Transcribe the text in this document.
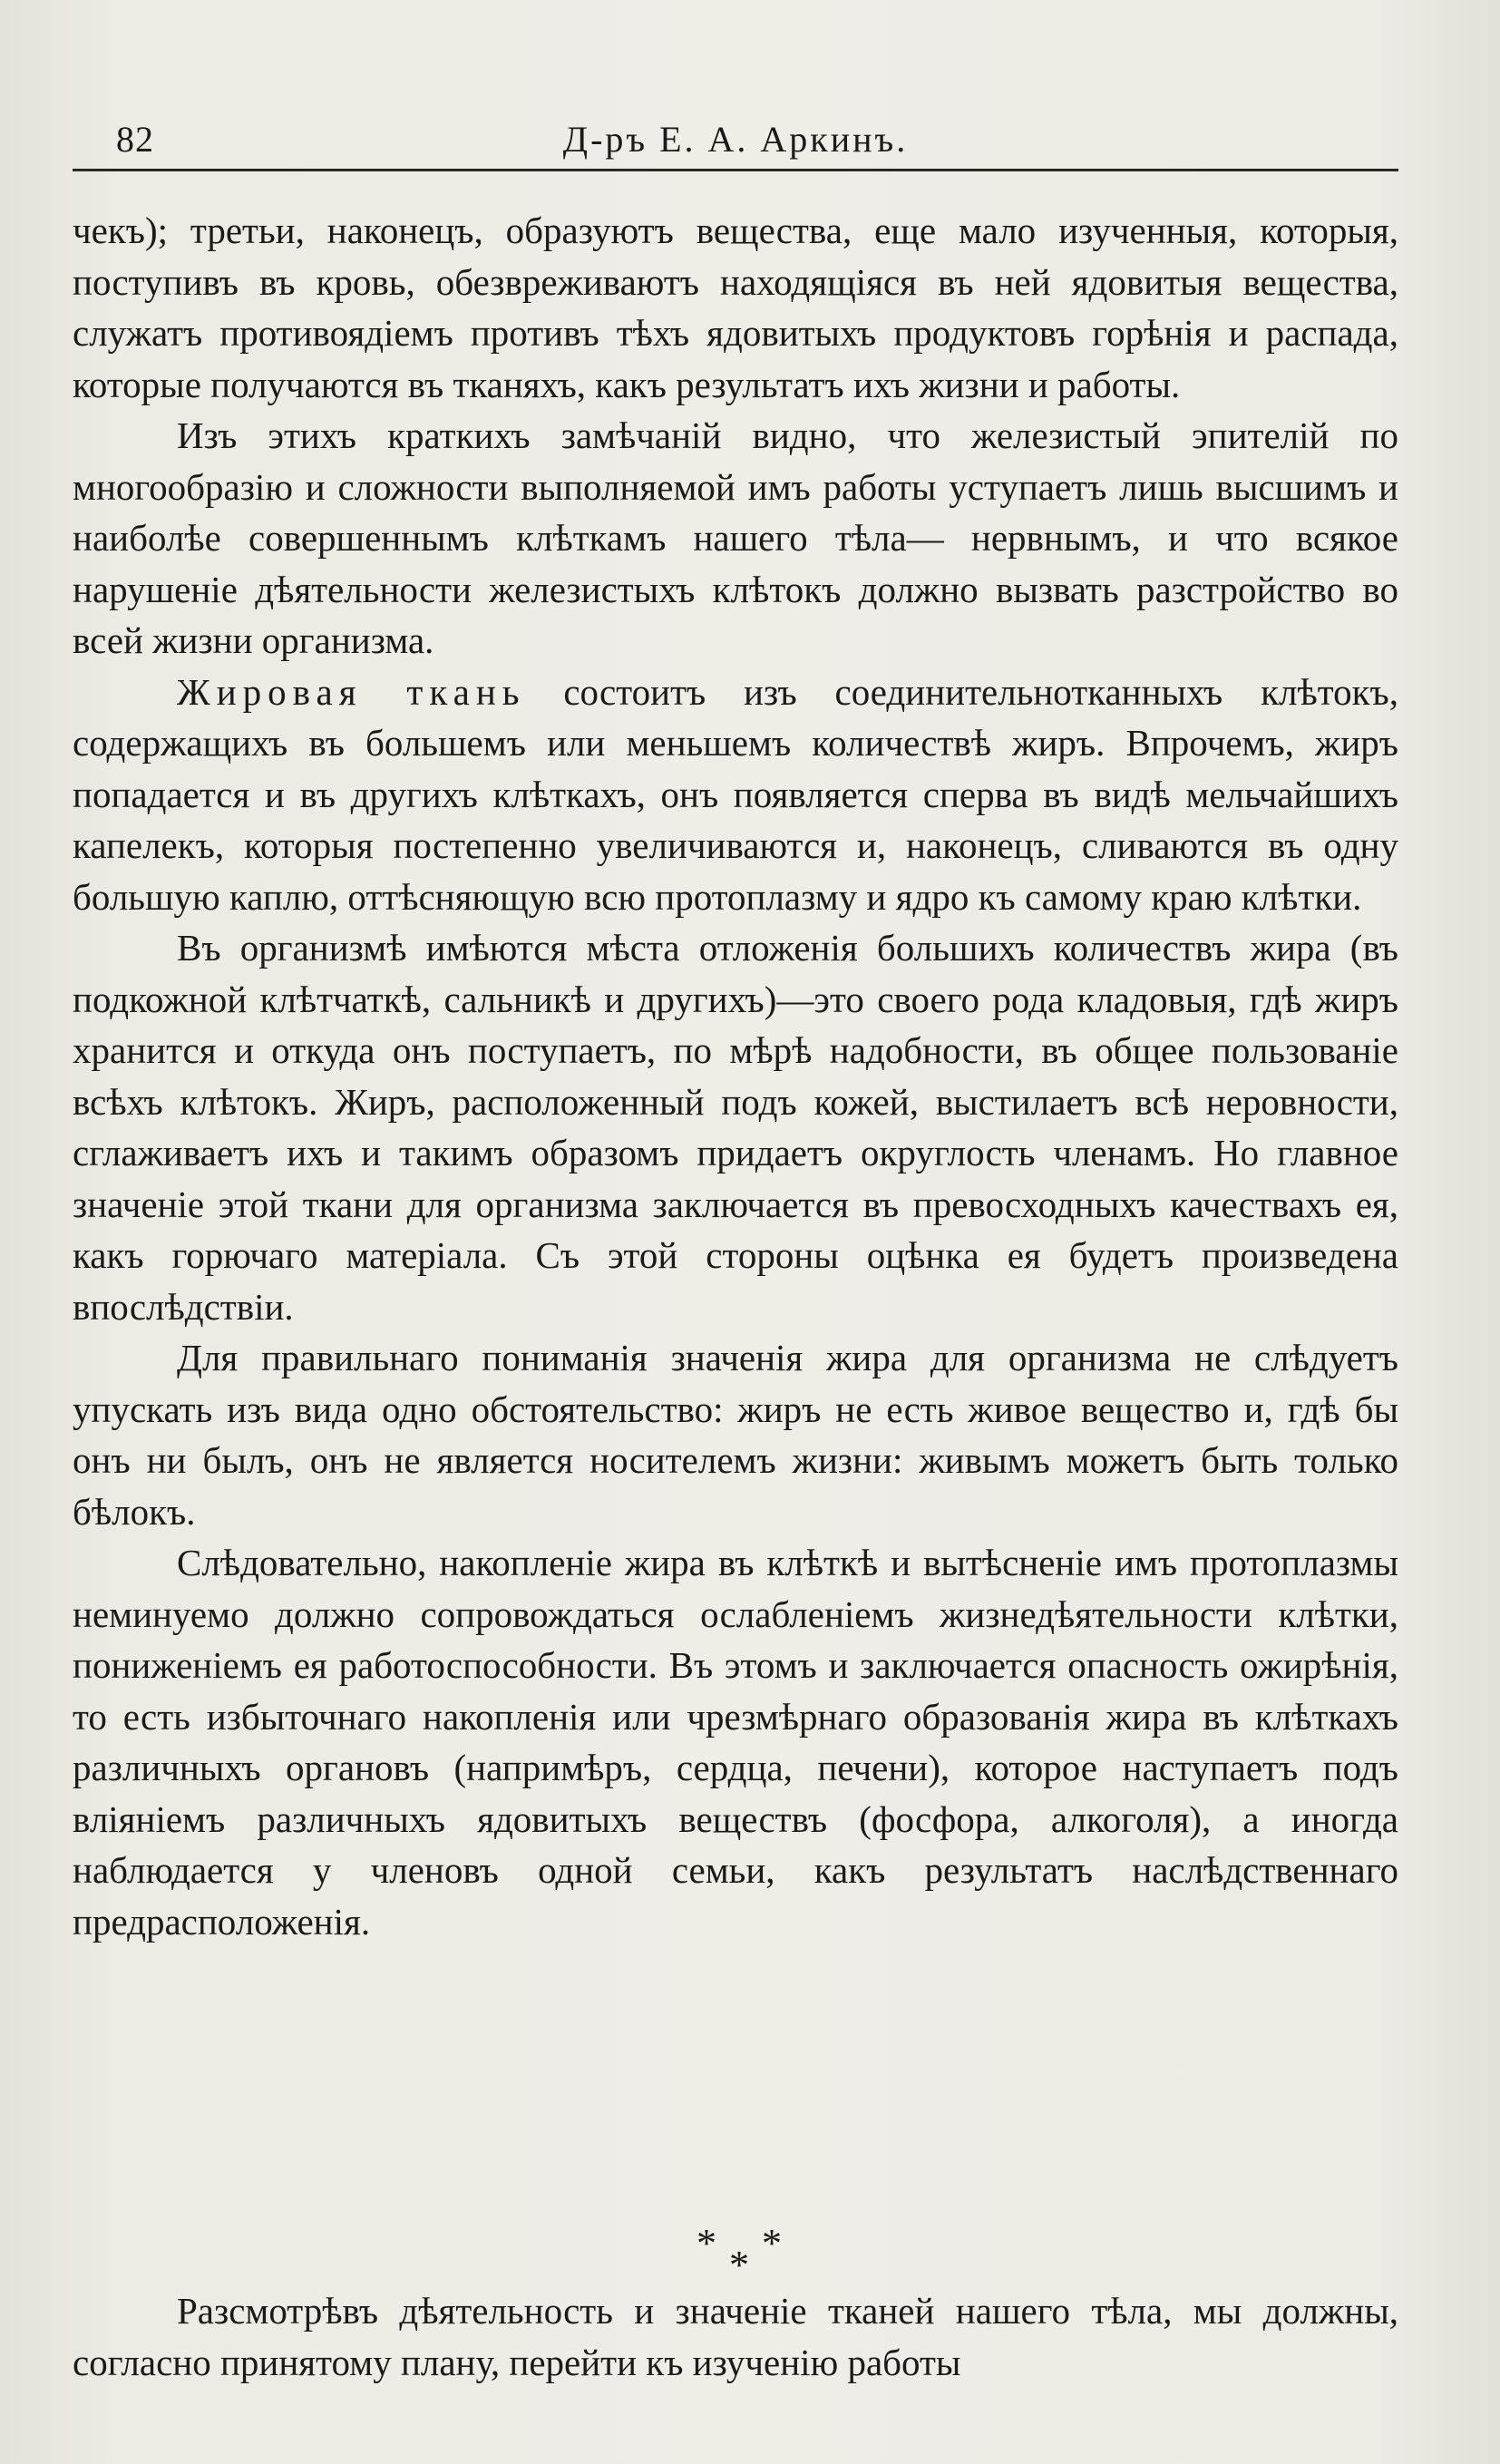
82	Д-ръ Е. А. Аркинъ.

чекъ); третьи, наконецъ, образуютъ вещества, еще мало изученныя, которыя, поступивъ въ кровь, обезвреживаютъ находящіяся въ ней ядовитыя вещества, служатъ противоядіемъ противъ тѣхъ ядовитыхъ продуктовъ горѣнія и распада, которые получаются въ тканяхъ, какъ результатъ ихъ жизни и работы.

Изъ этихъ краткихъ замѣчаній видно, что железистый эпителій по многообразію и сложности выполняемой имъ работы уступаетъ лишь высшимъ и наиболѣе совершеннымъ клѣткамъ нашего тѣла— нервнымъ, и что всякое нарушеніе дѣятельности железистыхъ клѣтокъ должно вызвать разстройство во всей жизни организма.

Жировая ткань состоитъ изъ соединительнотканныхъ клѣтокъ, содержащихъ въ большемъ или меньшемъ количествѣ жиръ. Впрочемъ, жиръ попадается и въ другихъ клѣткахъ, онъ появляется сперва въ видѣ мельчайшихъ капелекъ, которыя постепенно увеличиваются и, наконецъ, сливаются въ одну большую каплю, оттѣсняющую всю протоплазму и ядро къ самому краю клѣтки.

Въ организмѣ имѣются мѣста отложенія большихъ количествъ жира (въ подкожной клѣтчаткѣ, сальникѣ и другихъ)—это своего рода кладовыя, гдѣ жиръ хранится и откуда онъ поступаетъ, по мѣрѣ надобности, въ общее пользованіе всѣхъ клѣтокъ. Жиръ, расположенный подъ кожей, выстилаетъ всѣ неровности, сглаживаетъ ихъ и такимъ образомъ придаетъ округлость членамъ. Но главное значеніе этой ткани для организма заключается въ превосходныхъ качествахъ ея, какъ горючаго матеріала. Съ этой стороны оцѣнка ея будетъ произведена впослѣдствіи.

Для правильнаго пониманія значенія жира для организма не слѣдуетъ упускать изъ вида одно обстоятельство: жиръ не есть живое вещество и, гдѣ бы онъ ни былъ, онъ не является носителемъ жизни: живымъ можетъ быть только бѣлокъ.

Слѣдовательно, накопленіе жира въ клѣткѣ и вытѣсненіе имъ протоплазмы неминуемо должно сопровождаться ослабленіемъ жизнедѣятельности клѣтки, пониженіемъ ея работоспособности. Въ этомъ и заключается опасность ожирѣнія, то есть избыточнаго накопленія или чрезмѣрнаго образованія жира въ клѣткахъ различныхъ органовъ (напримѣръ, сердца, печени), которое наступаетъ подъ вліяніемъ различныхъ ядовитыхъ веществъ (фосфора, алкоголя), а иногда наблюдается у членовъ одной семьи, какъ результатъ наслѣдственнаго предрасположенія.

* *
*

Разсмотрѣвъ дѣятельность и значеніе тканей нашего тѣла, мы должны, согласно принятому плану, перейти къ изученію работы
